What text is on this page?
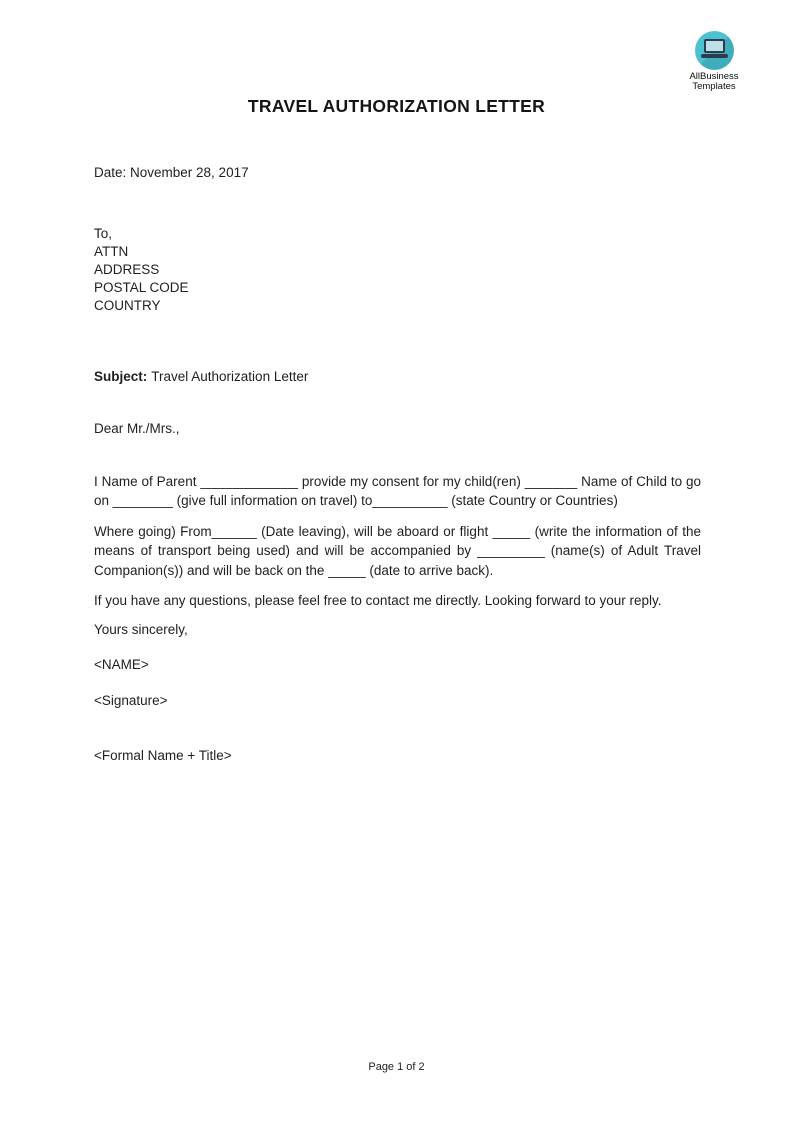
AllBusiness
Templates
TRAVEL AUTHORIZATION LETTER
Date: November 28, 2017
To,
ATTN
ADDRESS
POSTAL CODE
COUNTRY
Subject: Travel Authorization Letter
Dear Mr./Mrs.,

I Name of Parent _____________ provide my consent for my child(ren) _______ Name of Child to go on ________ (give full information on travel) to__________ (state Country or Countries)

Where going) From______ (Date leaving), will be aboard or flight _____ (write the information of the means of transport being used) and will be accompanied by _________ (name(s) of Adult Travel Companion(s)) and will be back on the _____ (date to arrive back).

If you have any questions, please feel free to contact me directly. Looking forward to your reply.

Yours sincerely,
<NAME>
<Signature>
<Formal Name + Title>
Page 1 of 2
